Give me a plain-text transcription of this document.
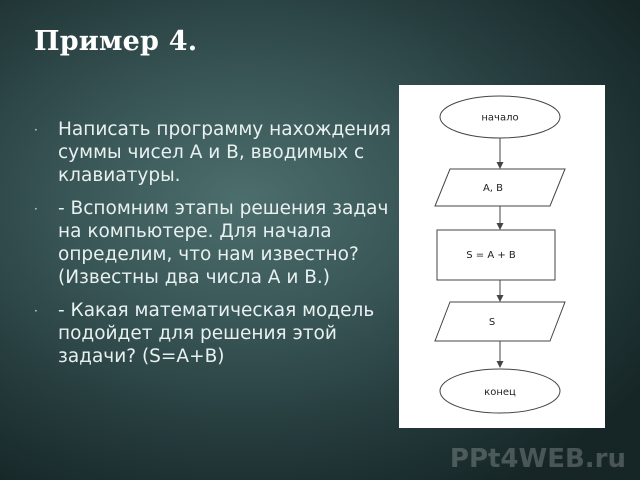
Пример 4.
· Написать программу нахождения суммы чисел А и В, вводимых с клавиатуры.
· - Вспомним этапы решения задач на компьютере. Для начала определим, что нам известно? (Известны два числа А и В.)
· - Какая математическая модель подойдет для решения этой задачи? (S=A+B)
начало
A, B
S = A + B
S
конец
PPt4WEB.ru
